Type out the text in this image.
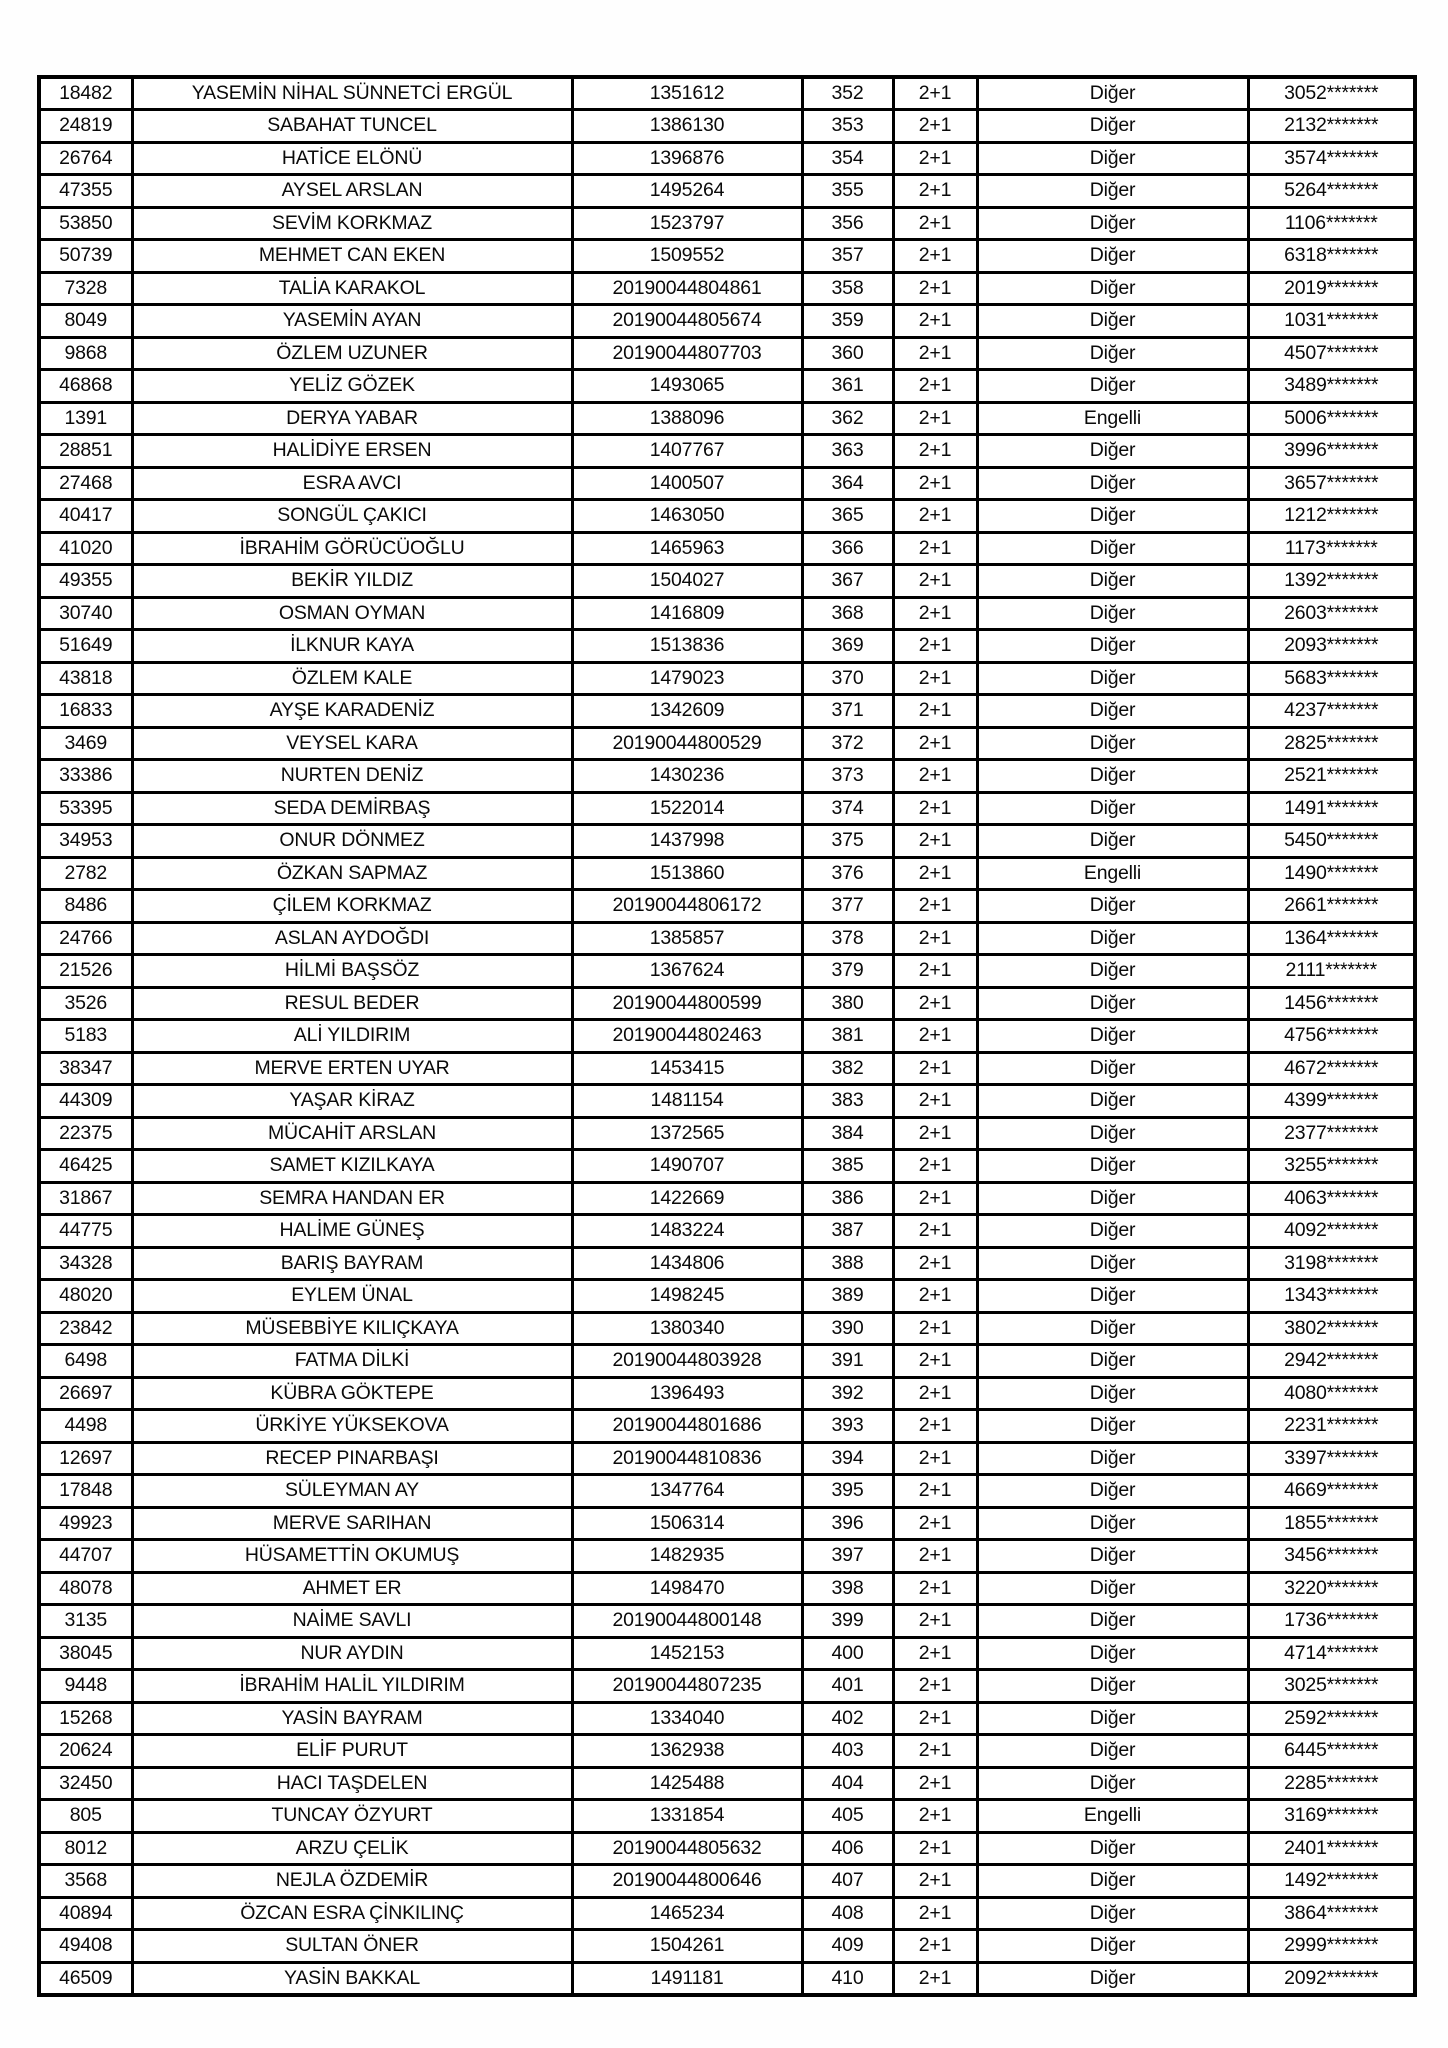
18482	YASEMİN NİHAL SÜNNETCİ ERGÜL	1351612	352	2+1	Diğer	3052*******
24819	SABAHAT TUNCEL	1386130	353	2+1	Diğer	2132*******
26764	HATİCE ELÖNÜ	1396876	354	2+1	Diğer	3574*******
47355	AYSEL ARSLAN	1495264	355	2+1	Diğer	5264*******
53850	SEVİM KORKMAZ	1523797	356	2+1	Diğer	1106*******
50739	MEHMET CAN EKEN	1509552	357	2+1	Diğer	6318*******
7328	TALİA KARAKOL	20190044804861	358	2+1	Diğer	2019*******
8049	YASEMİN AYAN	20190044805674	359	2+1	Diğer	1031*******
9868	ÖZLEM UZUNER	20190044807703	360	2+1	Diğer	4507*******
46868	YELİZ GÖZEK	1493065	361	2+1	Diğer	3489*******
1391	DERYA YABAR	1388096	362	2+1	Engelli	5006*******
28851	HALİDİYE ERSEN	1407767	363	2+1	Diğer	3996*******
27468	ESRA AVCI	1400507	364	2+1	Diğer	3657*******
40417	SONGÜL ÇAKICI	1463050	365	2+1	Diğer	1212*******
41020	İBRAHİM GÖRÜCÜOĞLU	1465963	366	2+1	Diğer	1173*******
49355	BEKİR YILDIZ	1504027	367	2+1	Diğer	1392*******
30740	OSMAN OYMAN	1416809	368	2+1	Diğer	2603*******
51649	İLKNUR KAYA	1513836	369	2+1	Diğer	2093*******
43818	ÖZLEM KALE	1479023	370	2+1	Diğer	5683*******
16833	AYŞE KARADENİZ	1342609	371	2+1	Diğer	4237*******
3469	VEYSEL KARA	20190044800529	372	2+1	Diğer	2825*******
33386	NURTEN DENİZ	1430236	373	2+1	Diğer	2521*******
53395	SEDA DEMİRBAŞ	1522014	374	2+1	Diğer	1491*******
34953	ONUR DÖNMEZ	1437998	375	2+1	Diğer	5450*******
2782	ÖZKAN SAPMAZ	1513860	376	2+1	Engelli	1490*******
8486	ÇİLEM KORKMAZ	20190044806172	377	2+1	Diğer	2661*******
24766	ASLAN AYDOĞDI	1385857	378	2+1	Diğer	1364*******
21526	HİLMİ BAŞSÖZ	1367624	379	2+1	Diğer	2111*******
3526	RESUL BEDER	20190044800599	380	2+1	Diğer	1456*******
5183	ALİ YILDIRIM	20190044802463	381	2+1	Diğer	4756*******
38347	MERVE ERTEN UYAR	1453415	382	2+1	Diğer	4672*******
44309	YAŞAR KİRAZ	1481154	383	2+1	Diğer	4399*******
22375	MÜCAHİT ARSLAN	1372565	384	2+1	Diğer	2377*******
46425	SAMET KIZILKAYA	1490707	385	2+1	Diğer	3255*******
31867	SEMRA HANDAN ER	1422669	386	2+1	Diğer	4063*******
44775	HALİME GÜNEŞ	1483224	387	2+1	Diğer	4092*******
34328	BARIŞ BAYRAM	1434806	388	2+1	Diğer	3198*******
48020	EYLEM ÜNAL	1498245	389	2+1	Diğer	1343*******
23842	MÜSEBBİYE KILIÇKAYA	1380340	390	2+1	Diğer	3802*******
6498	FATMA DİLKİ	20190044803928	391	2+1	Diğer	2942*******
26697	KÜBRA GÖKTEPE	1396493	392	2+1	Diğer	4080*******
4498	ÜRKİYE YÜKSEKOVA	20190044801686	393	2+1	Diğer	2231*******
12697	RECEP PINARBAŞI	20190044810836	394	2+1	Diğer	3397*******
17848	SÜLEYMAN AY	1347764	395	2+1	Diğer	4669*******
49923	MERVE SARIHAN	1506314	396	2+1	Diğer	1855*******
44707	HÜSAMETTİN OKUMUŞ	1482935	397	2+1	Diğer	3456*******
48078	AHMET ER	1498470	398	2+1	Diğer	3220*******
3135	NAİME SAVLI	20190044800148	399	2+1	Diğer	1736*******
38045	NUR AYDIN	1452153	400	2+1	Diğer	4714*******
9448	İBRAHİM HALİL YILDIRIM	20190044807235	401	2+1	Diğer	3025*******
15268	YASİN BAYRAM	1334040	402	2+1	Diğer	2592*******
20624	ELİF PURUT	1362938	403	2+1	Diğer	6445*******
32450	HACI TAŞDELEN	1425488	404	2+1	Diğer	2285*******
805	TUNCAY ÖZYURT	1331854	405	2+1	Engelli	3169*******
8012	ARZU ÇELİK	20190044805632	406	2+1	Diğer	2401*******
3568	NEJLA ÖZDEMİR	20190044800646	407	2+1	Diğer	1492*******
40894	ÖZCAN ESRA ÇİNKILINÇ	1465234	408	2+1	Diğer	3864*******
49408	SULTAN ÖNER	1504261	409	2+1	Diğer	2999*******
46509	YASİN BAKKAL	1491181	410	2+1	Diğer	2092*******
